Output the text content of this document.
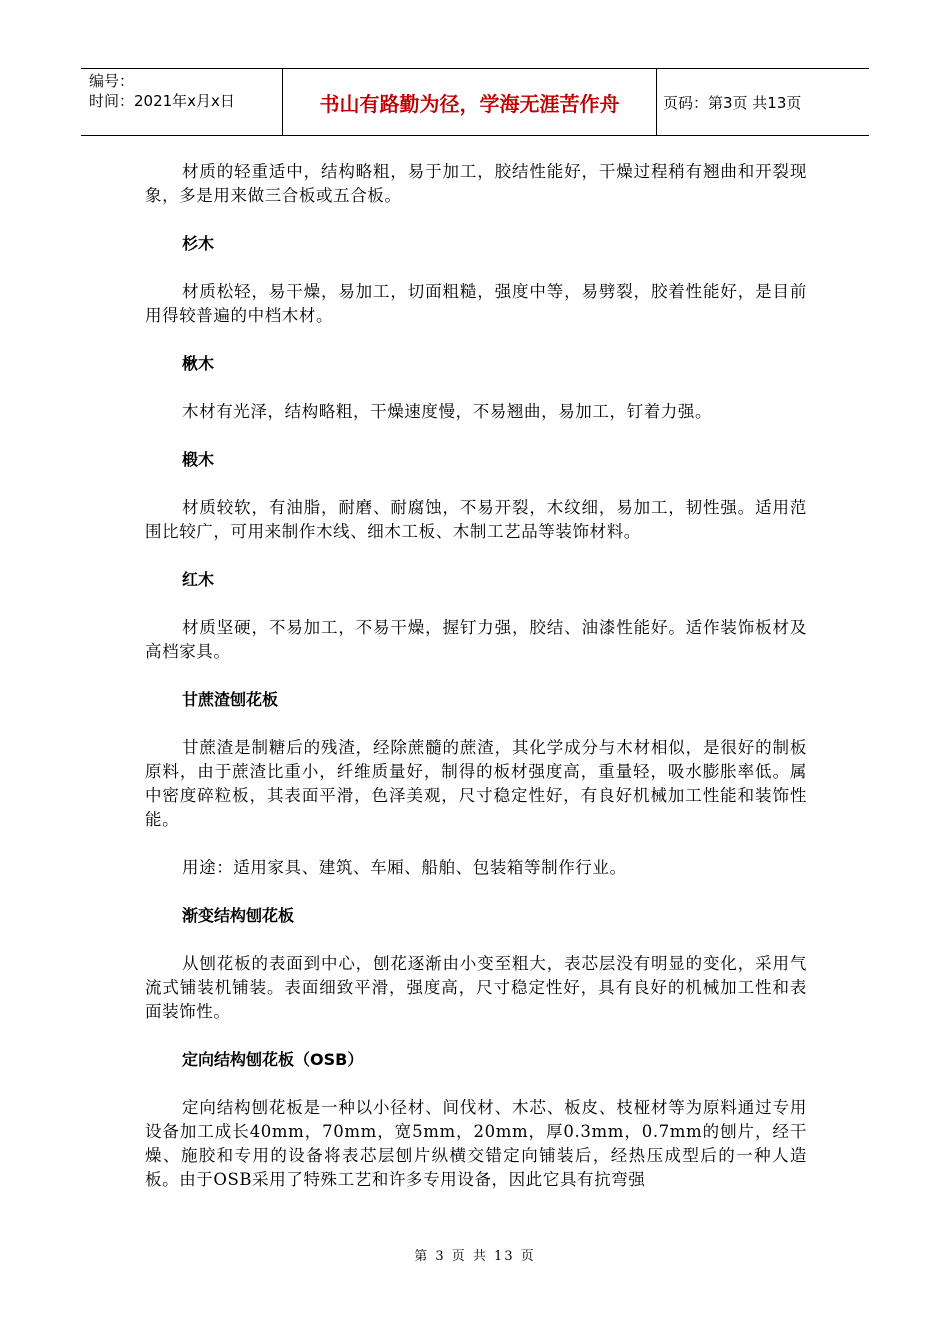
编号：
时间：2021年x月x日	书山有路勤为径，学海无涯苦作舟	页码：第3页 共13页
材质的轻重适中，结构略粗，易于加工，胶结性能好，干燥过程稍有翘曲和开裂现象，多是用来做三合板或五合板。
杉木
材质松轻，易干燥，易加工，切面粗糙，强度中等，易劈裂，胶着性能好，是目前用得较普遍的中档木材。
楸木
木材有光泽，结构略粗，干燥速度慢，不易翘曲，易加工，钉着力强。
椴木
材质较软，有油脂，耐磨、耐腐蚀，不易开裂，木纹细，易加工，韧性强。适用范围比较广，可用来制作木线、细木工板、木制工艺品等装饰材料。
红木
材质坚硬，不易加工，不易干燥，握钉力强，胶结、油漆性能好。适作装饰板材及高档家具。
甘蔗渣刨花板
甘蔗渣是制糖后的残渣，经除蔗髓的蔗渣，其化学成分与木材相似，是很好的制板原料，由于蔗渣比重小，纤维质量好，制得的板材强度高，重量轻，吸水膨胀率低。属中密度碎粒板，其表面平滑，色泽美观，尺寸稳定性好，有良好机械加工性能和装饰性能。
用途：适用家具、建筑、车厢、船舶、包装箱等制作行业。
渐变结构刨花板
从刨花板的表面到中心，刨花逐渐由小变至粗大，表芯层没有明显的变化，采用气流式铺装机铺装。表面细致平滑，强度高，尺寸稳定性好，具有良好的机械加工性和表面装饰性。
定向结构刨花板（OSB）
定向结构刨花板是一种以小径材、间伐材、木芯、板皮、枝桠材等为原料通过专用设备加工成长40mm，70mm，宽5mm，20mm，厚0.3mm，0.7mm的刨片，经干燥、施胶和专用的设备将表芯层刨片纵横交错定向铺装后，经热压成型后的一种人造板。由于OSB采用了特殊工艺和许多专用设备，因此它具有抗弯强
第 3 页 共 13 页
